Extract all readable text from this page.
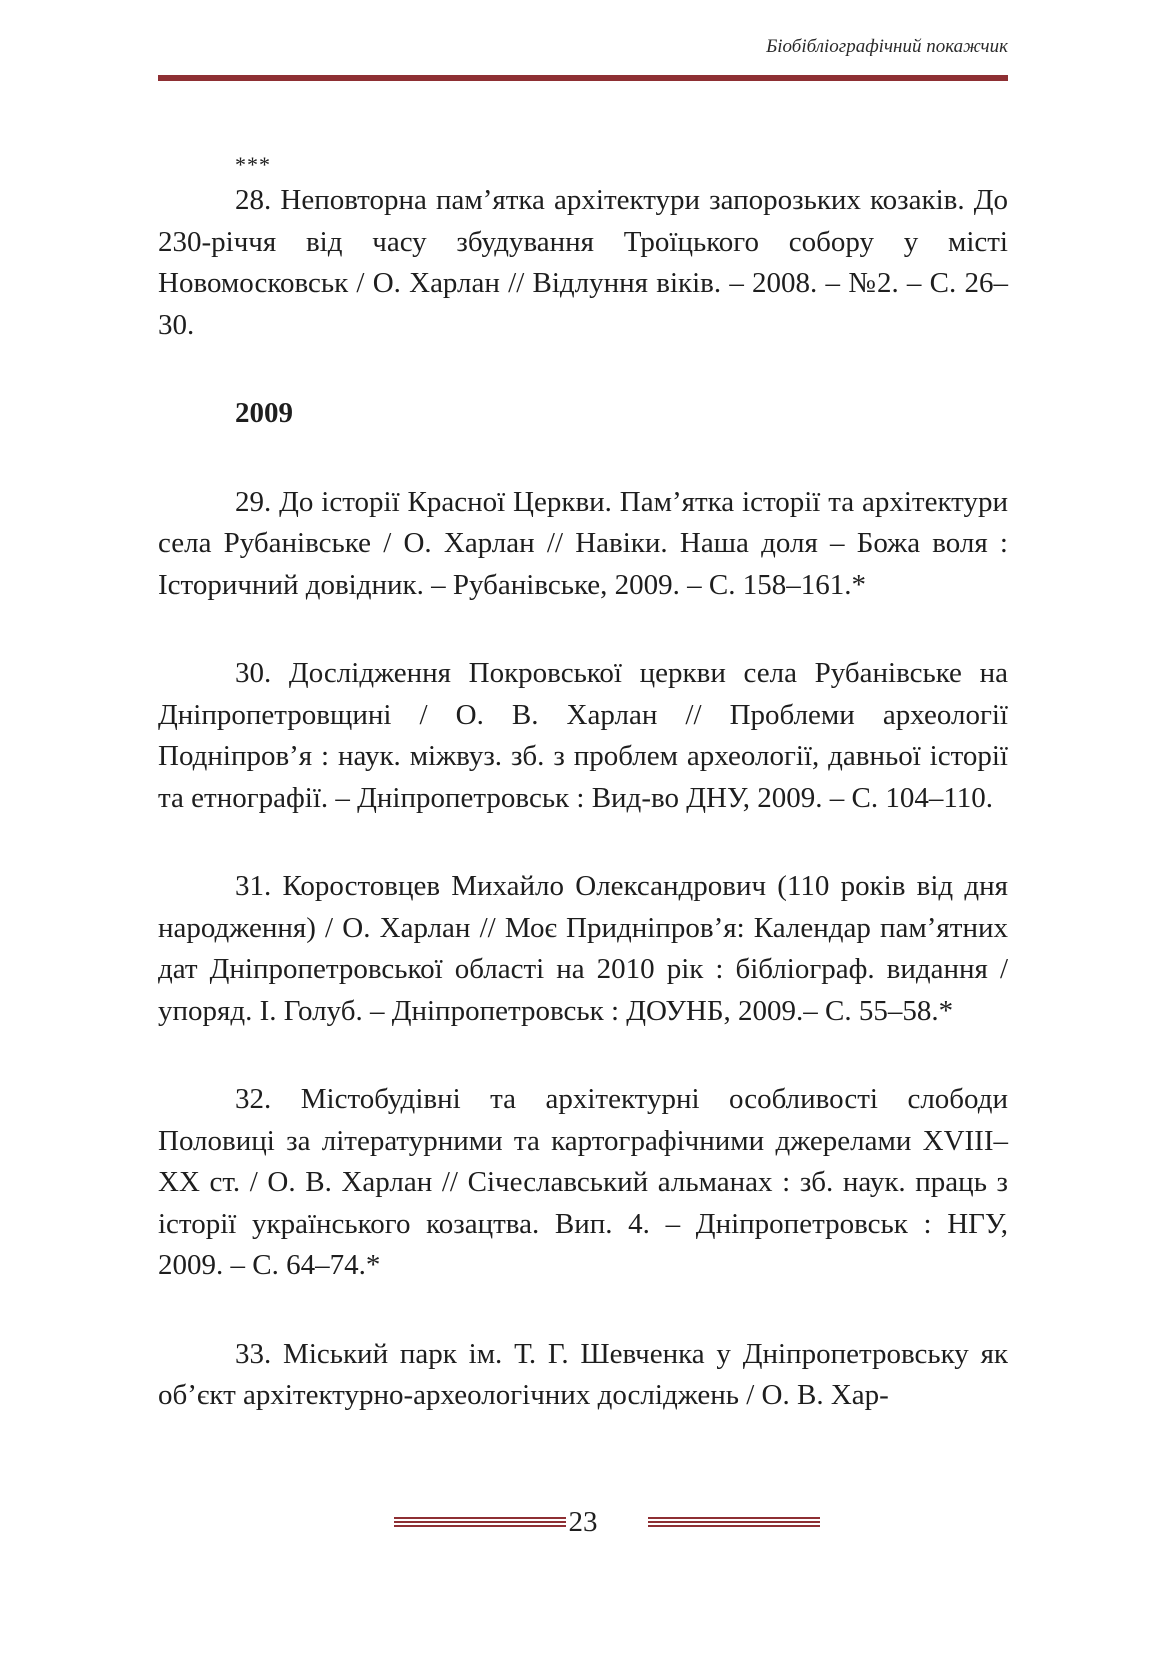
Біобібліографічний покажчик

***

28. Неповторна пам’ятка архітектури запорозьких козаків. До 230-річчя від часу збудування Троїцького собору у місті Новомосковськ / О. Харлан // Відлуння віків. – 2008. – №2. – С. 26–30.

2009

29. До історії Красної Церкви. Пам’ятка історії та архітектури села Рубанівське / О. Харлан // Навіки. Наша доля – Божа воля : Історичний довідник. – Рубанівське, 2009. – С. 158–161.*

30. Дослідження Покровської церкви села Рубанівське на Дніпропетровщині / О. В. Харлан // Проблеми археології Подніпров’я : наук. міжвуз. зб. з проблем археології, давньої історії та етнографії. – Дніпропетровськ : Вид-во ДНУ, 2009. – С. 104–110.

31. Коростовцев Михайло Олександрович (110 років від дня народження) / О. Харлан // Моє Придніпров’я: Календар пам’ятних дат Дніпропетровської області на 2010 рік : бібліограф. видання / упоряд. І. Голуб. – Дніпропетровськ : ДОУНБ, 2009.– С. 55–58.*

32. Містобудівні та архітектурні особливості слободи Половиці за літературними та картографічними джерелами XVIII–XX ст. / О. В. Харлан // Січеславський альманах : зб. наук. праць з історії українського козацтва. Вип. 4. – Дніпропетровськ : НГУ, 2009. – С. 64–74.*

33. Міський парк ім. Т. Г. Шевченка у Дніпропетровську як об’єкт архітектурно-археологічних досліджень / О. В. Хар-

23
